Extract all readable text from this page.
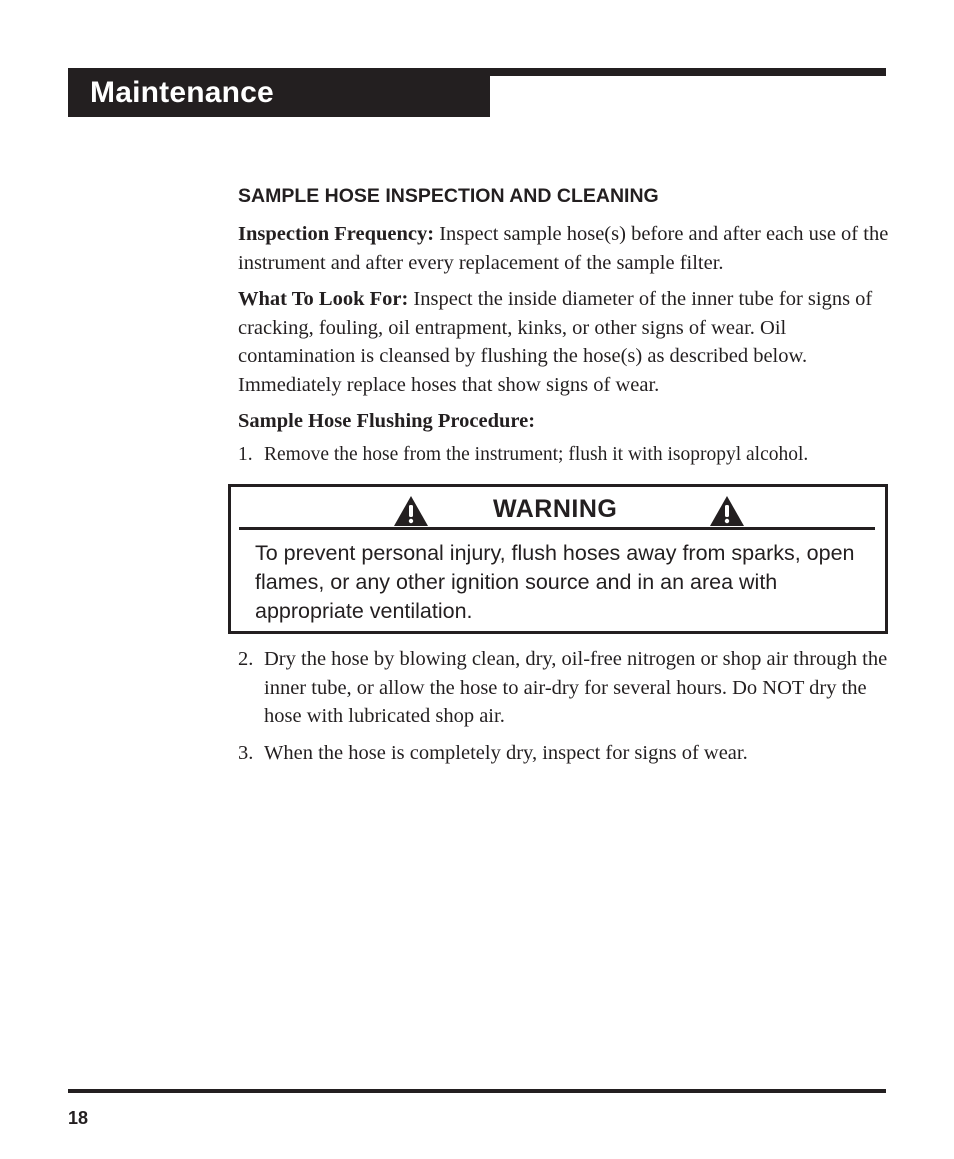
Maintenance
SAMPLE HOSE INSPECTION AND CLEANING

Inspection Frequency: Inspect sample hose(s) before and after each use of the instrument and after every replacement of the sample filter.

What To Look For: Inspect the inside diameter of the inner tube for signs of cracking, fouling, oil entrapment, kinks, or other signs of wear. Oil contamination is cleansed by flushing the hose(s) as described below. Immediately replace hoses that show signs of wear.

Sample Hose Flushing Procedure:
1. Remove the hose from the instrument; flush it with isopropyl alcohol.
WARNING
To prevent personal injury, flush hoses away from sparks, open flames, or any other ignition source and in an area with appropriate ventilation.
2. Dry the hose by blowing clean, dry, oil-free nitrogen or shop air through the inner tube, or allow the hose to air-dry for several hours. Do NOT dry the hose with lubricated shop air.
3. When the hose is completely dry, inspect for signs of wear.
18
